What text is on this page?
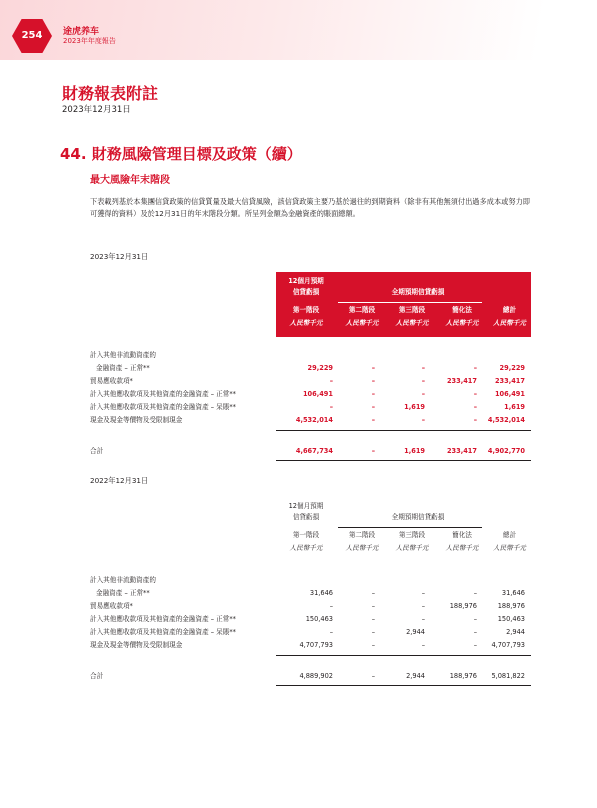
254	途虎养车
2023年年度報告
財務報表附註
2023年12月31日
44. 財務風險管理目標及政策（續）
最大風險年末階段
下表載列基於本集團信貸政策的信貸質量及最大信貸風險，該信貸政策主要乃基於過往的到期資料（除非有其他無須付出過多成本或努力即可獲得的資料）及於12月31日的年末階段分類。所呈列金額為金融資產的賬面總額。
2023年12月31日
12個月預期
信貸虧損	全期預期信貸虧損
第一階段	第二階段	第三階段	簡化法	總計
人民幣千元	人民幣千元	人民幣千元	人民幣千元	人民幣千元
計入其他非流動資產的
金融資產 – 正常**	29,229	–	–	–	29,229
貿易應收款項*	–	–	–	233,417	233,417
計入其他應收款項及其他資產的金融資產 – 正常**	106,491	–	–	–	106,491
計入其他應收款項及其他資產的金融資產 – 呆賬**	–	–	1,619	–	1,619
現金及現金等價物及受限制現金	4,532,014	–	–	–	4,532,014
合計	4,667,734	–	1,619	233,417	4,902,770
2022年12月31日
12個月預期
信貸虧損	全期預期信貸虧損
第一階段	第二階段	第三階段	簡化法	總計
人民幣千元	人民幣千元	人民幣千元	人民幣千元	人民幣千元
計入其他非流動資產的
金融資產 – 正常**	31,646	–	–	–	31,646
貿易應收款項*	–	–	–	188,976	188,976
計入其他應收款項及其他資產的金融資產 – 正常**	150,463	–	–	–	150,463
計入其他應收款項及其他資產的金融資產 – 呆賬**	–	–	2,944	–	2,944
現金及現金等價物及受限制現金	4,707,793	–	–	–	4,707,793
合計	4,889,902	–	2,944	188,976	5,081,822
